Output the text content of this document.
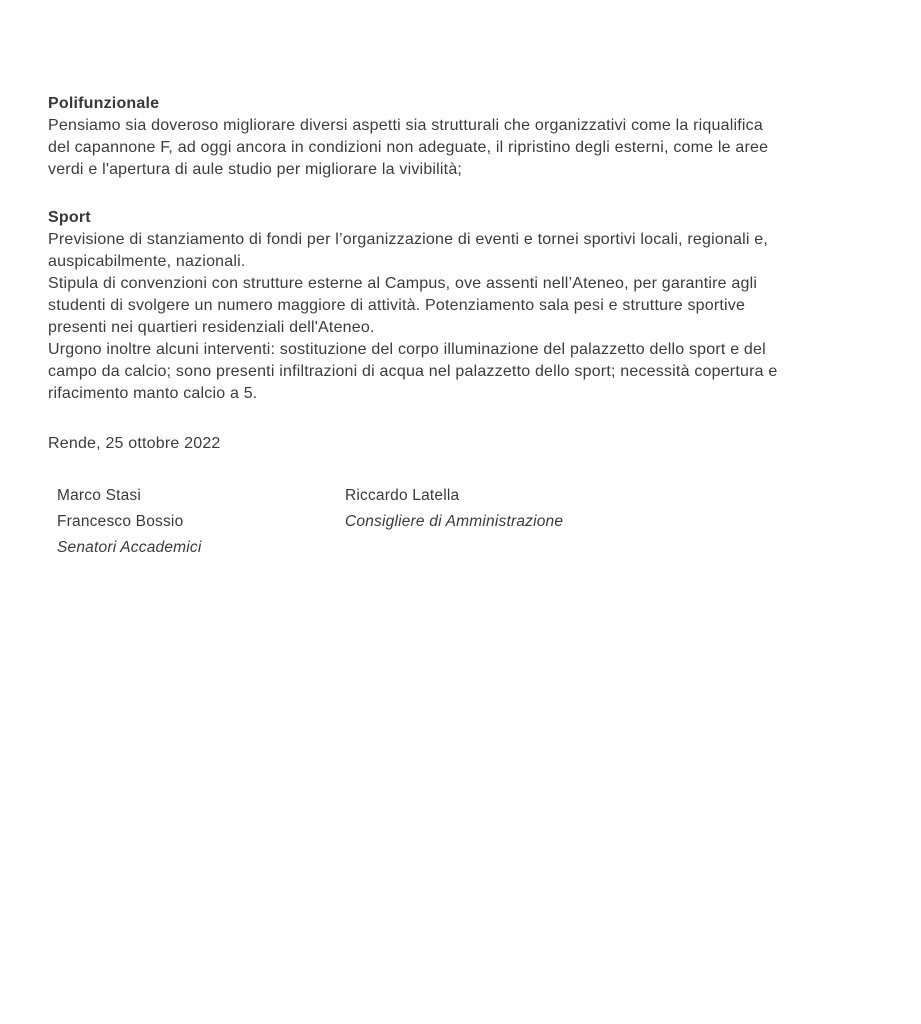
Polifunzionale
Pensiamo sia doveroso migliorare diversi aspetti sia strutturali che organizzativi come la riqualifica
del capannone F, ad oggi ancora in condizioni non adeguate, il ripristino degli esterni, come le aree
verdi e l'apertura di aule studio per migliorare la vivibilità;
Sport
Previsione di stanziamento di fondi per l’organizzazione di eventi e tornei sportivi locali, regionali e,
auspicabilmente, nazionali.
Stipula di convenzioni con strutture esterne al Campus, ove assenti nell’Ateneo, per garantire agli
studenti di svolgere un numero maggiore di attività. Potenziamento sala pesi e strutture sportive
presenti nei quartieri residenziali dell'Ateneo.
Urgono inoltre alcuni interventi: sostituzione del corpo illuminazione del palazzetto dello sport e del
campo da calcio; sono presenti infiltrazioni di acqua nel palazzetto dello sport; necessità copertura e
rifacimento manto calcio a 5.
Rende, 25 ottobre 2022
Marco Stasi
Francesco Bossio
Senatori Accademici
Riccardo Latella
Consigliere di Amministrazione
